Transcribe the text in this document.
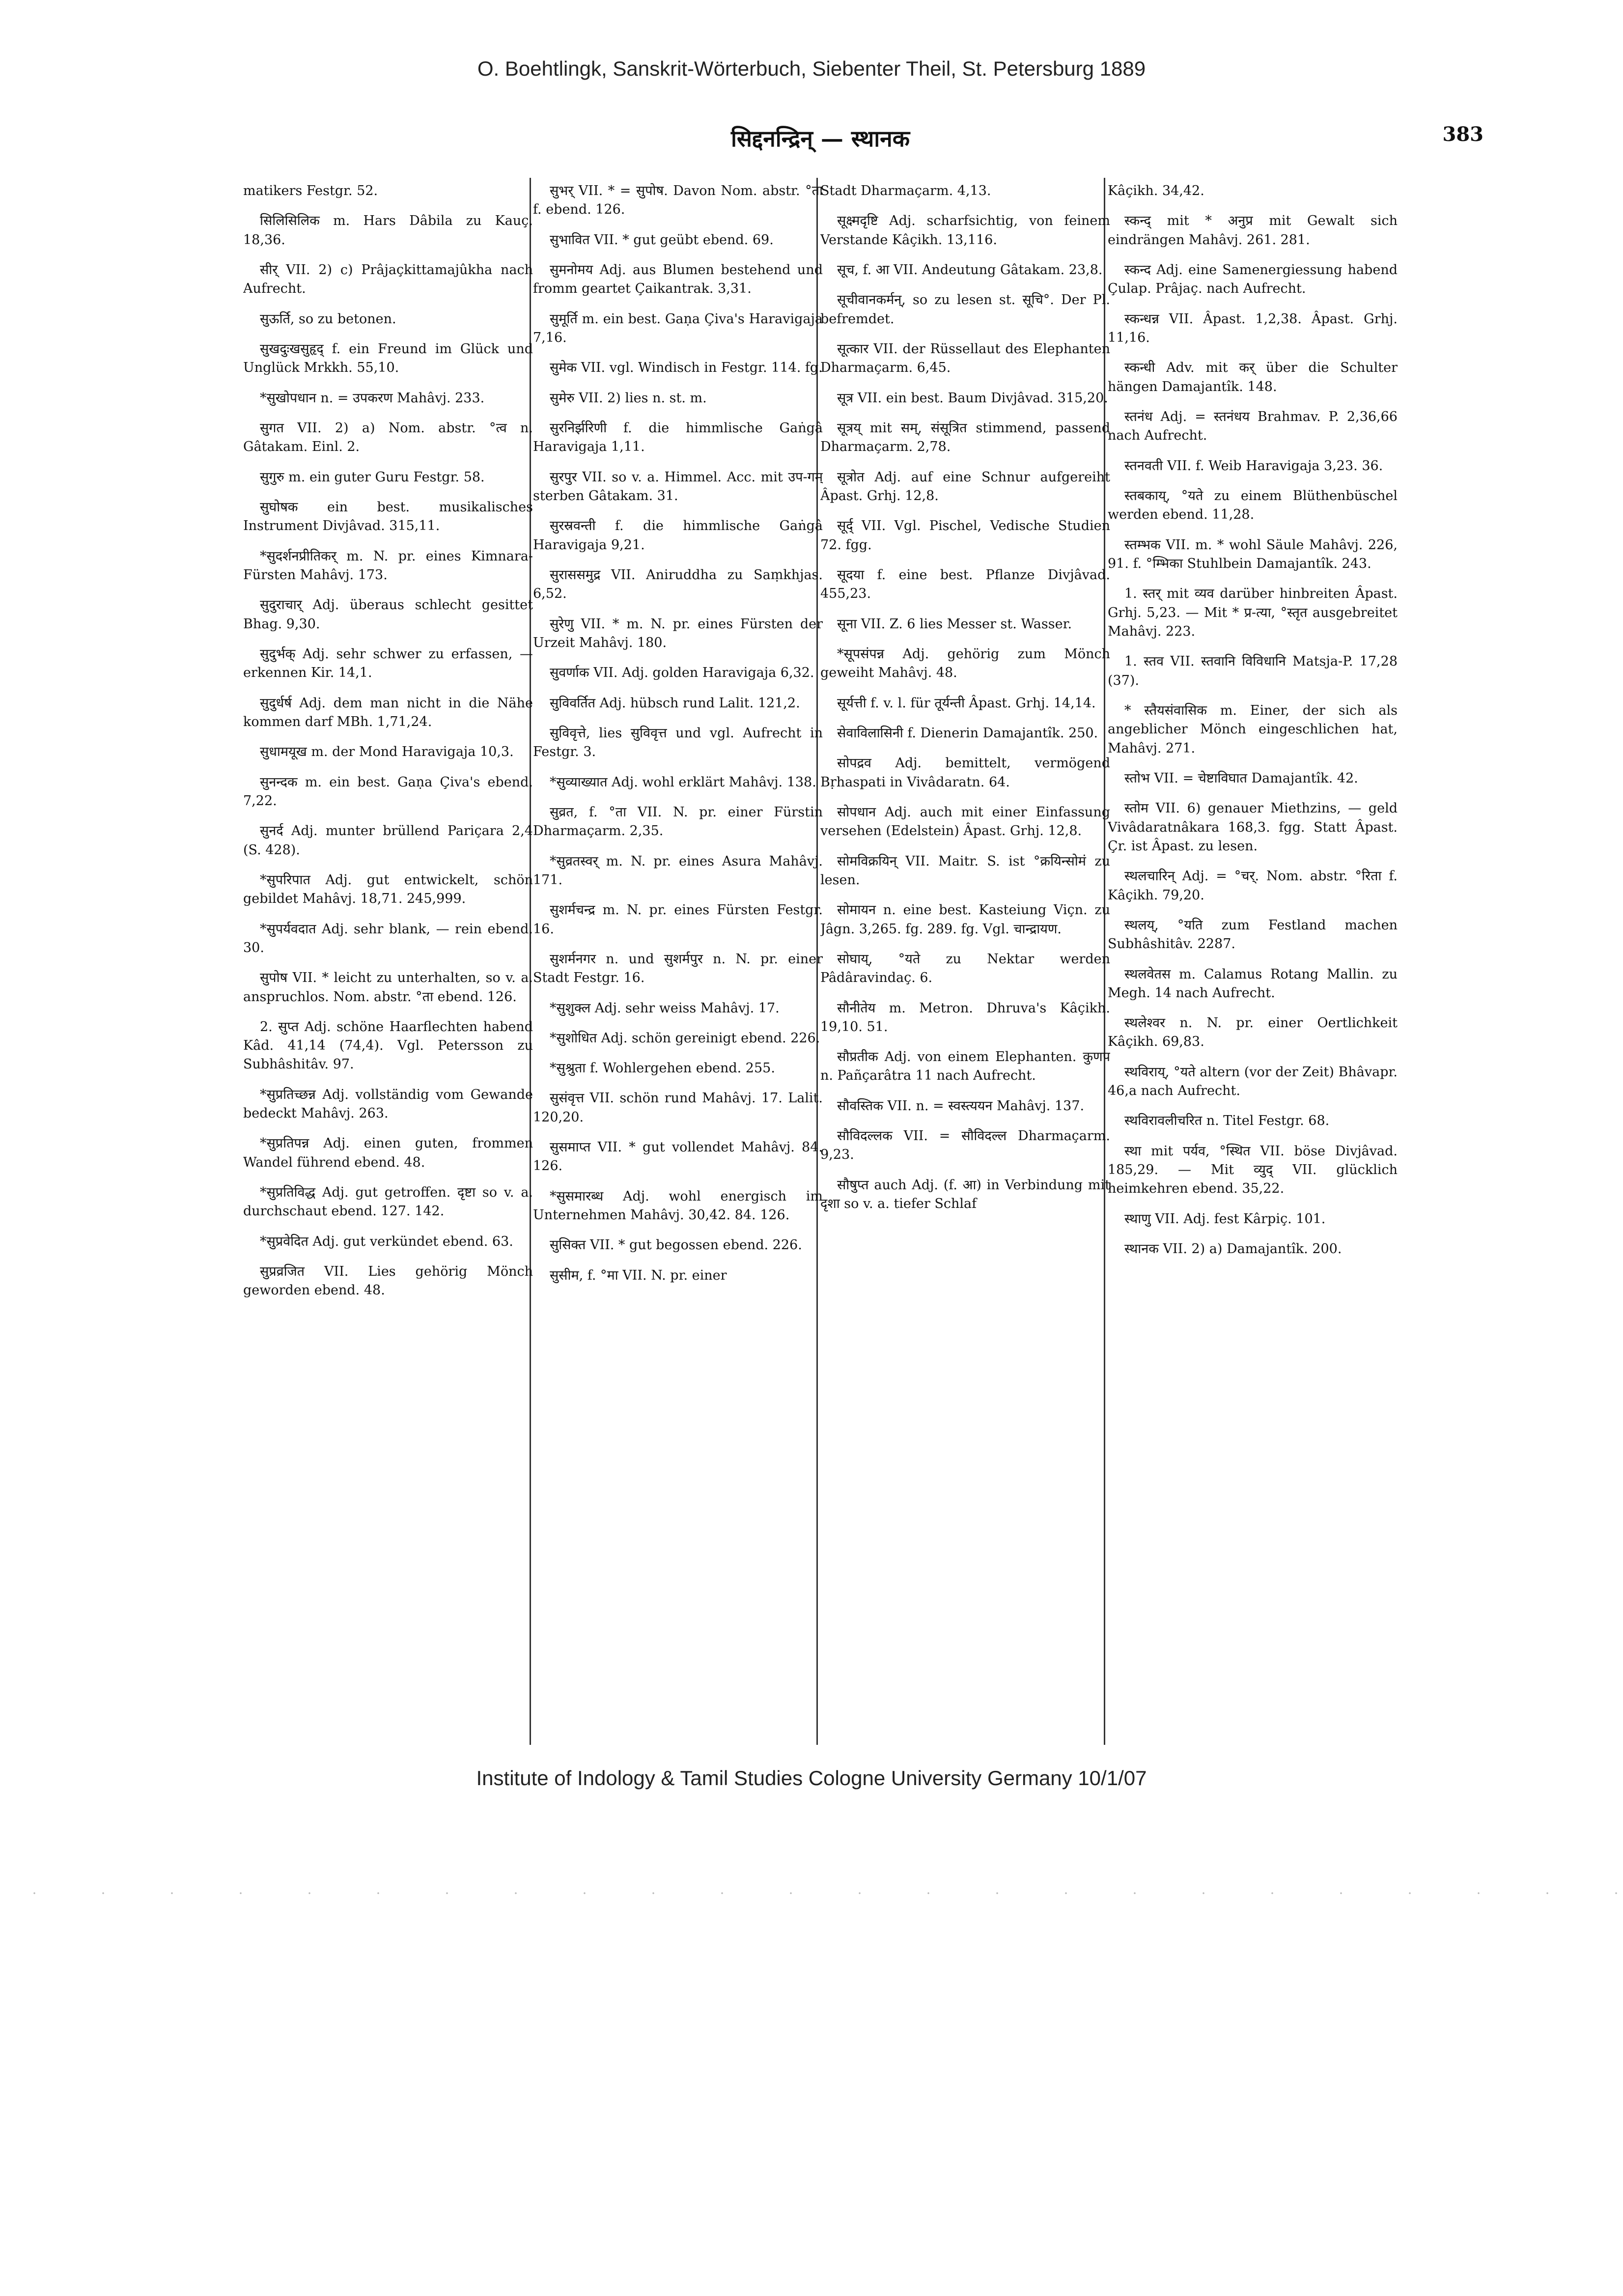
O. Boehtlingk, Sanskrit-Wörterbuch, Siebenter Theil, St. Petersburg 1889
सिद्दनन्द्रिन् — स्थानक	383

matikers Festgr. 52.

सिलिसिलिक m. Hars Dâbila zu Kauç. 18,36.

सीर् VII. 2) c) Prâjaçkittamajûkha nach Aufrecht.

सुऊर्ति, so zu betonen.

सुखदुःखसुहृद् f. ein Freund im Glück und Unglück Mrkkh. 55,10.

*सुखोपधान n. = उपकरण Mahâvj. 233.

सुगत VII. 2) a) Nom. abstr. °त्व n. Gâtakam. Einl. 2.

सुगुरु m. ein guter Guru Festgr. 58.

सुघोषक ein best. musikalisches Instrument Divjâvad. 315,11.

*सुदर्शनप्रीतिकर् m. N. pr. eines Kimnara-Fürsten Mahâvj. 173.

सुदुराचार् Adj. überaus schlecht gesittet Bhag. 9,30.

सुदुर्भक् Adj. sehr schwer zu erfassen, — erkennen Kir. 14,1.

सुदुर्धर्ष Adj. dem man nicht in die Nähe kommen darf MBh. 1,71,24.

सुधामयूख m. der Mond Haravigaja 10,3.

सुनन्दक m. ein best. Gaṇa Çiva's ebend. 7,22.

सुनर्द Adj. munter brüllend Pariçara 2,4 (S. 428).

*सुपरिपात Adj. gut entwickelt, schön gebildet Mahâvj. 18,71. 245,999.

*सुपर्यवदात Adj. sehr blank, — rein ebend. 30.

सुपोष VII. * leicht zu unterhalten, so v. a. anspruchlos. Nom. abstr. °ता ebend. 126.

2. सुप्त Adj. schöne Haarflechten habend Kâd. 41,14 (74,4). Vgl. Petersson zu Subhâshitâv. 97.

*सुप्रतिच्छन्न Adj. vollständig vom Gewande bedeckt Mahâvj. 263.

*सुप्रतिपन्न Adj. einen guten, frommen Wandel führend ebend. 48.

*सुप्रतिविद्ध Adj. gut getroffen. दृष्टा so v. a. durchschaut ebend. 127. 142.

*सुप्रवेदित Adj. gut verkündet ebend. 63.

सुप्रव्रजित VII. Lies gehörig Mönch geworden ebend. 48.

सुभर् VII. * = सुपोष. Davon Nom. abstr. °ता f. ebend. 126.

सुभावित VII. * gut geübt ebend. 69.

सुमनोमय Adj. aus Blumen bestehend und fromm geartet Çaikantrak. 3,31.

सुमूर्ति m. ein best. Gaṇa Çiva's Haravigaja 7,16.

सुमेक VII. vgl. Windisch in Festgr. 114. fg.

सुमेरु VII. 2) lies n. st. m.

सुरनिर्झरिणी f. die himmlische Gaṅgâ Haravigaja 1,11.

सुरपुर VII. so v. a. Himmel. Acc. mit उप-गम् sterben Gâtakam. 31.

सुरस्रवन्ती f. die himmlische Gaṅgâ Haravigaja 9,21.

सुराससमुद्र VII. Aniruddha zu Saṃkhjas. 6,52.

सुरेणु VII. * m. N. pr. eines Fürsten der Urzeit Mahâvj. 180.

सुवर्णाक VII. Adj. golden Haravigaja 6,32.

सुविवर्तित Adj. hübsch rund Lalit. 121,2.

सुविवृत्ते, lies सुविवृत्त und vgl. Aufrecht in Festgr. 3.

*सुव्याख्यात Adj. wohl erklärt Mahâvj. 138.

सुव्रत, f. °ता VII. N. pr. einer Fürstin Dharmaçarm. 2,35.

*सुव्रतस्वर् m. N. pr. eines Asura Mahâvj. 171.

सुशर्मचन्द्र m. N. pr. eines Fürsten Festgr. 16.

सुशर्मनगर n. und सुशर्मपुर n. N. pr. einer Stadt Festgr. 16.

*सुशुक्ल Adj. sehr weiss Mahâvj. 17.

*सुशोधित Adj. schön gereinigt ebend. 226.

*सुश्रुता f. Wohlergehen ebend. 255.

सुसंवृत्त VII. schön rund Mahâvj. 17. Lalit. 120,20.

सुसमाप्त VII. * gut vollendet Mahâvj. 84. 126.

*सुसमारब्ध Adj. wohl energisch im Unternehmen Mahâvj. 30,42. 84. 126.

सुसिक्त VII. * gut begossen ebend. 226.

सुसीम, f. °मा VII. N. pr. einer

Stadt Dharmaçarm. 4,13.

सूक्ष्मदृष्टि Adj. scharfsichtig, von feinem Verstande Kâçikh. 13,116.

सूच, f. आ VII. Andeutung Gâtakam. 23,8.

सूचीवानकर्मन्, so zu lesen st. सूचि°. Der Pl. befremdet.

सूत्कार VII. der Rüssellaut des Elephanten Dharmaçarm. 6,45.

सूत्र VII. ein best. Baum Divjâvad. 315,20.

सूत्रय् mit सम्, संसूत्रित stimmend, passend Dharmaçarm. 2,78.

सूत्रोत Adj. auf eine Schnur aufgereiht Âpast. Grhj. 12,8.

सूर्द् VII. Vgl. Pischel, Vedische Studien 72. fgg.

सूदया f. eine best. Pflanze Divjâvad. 455,23.

सूना VII. Z. 6 lies Messer st. Wasser.

*सूपसंपन्न Adj. gehörig zum Mönch geweiht Mahâvj. 48.

सूर्यत्ती f. v. l. für तूर्यन्ती Âpast. Grhj. 14,14.

सेवाविलासिनी f. Dienerin Damajantîk. 250.

सोपद्रव Adj. bemittelt, vermögend Bṛhaspati in Vivâdaratn. 64.

सोपधान Adj. auch mit einer Einfassung versehen (Edelstein) Âpast. Grhj. 12,8.

सोमविक्रयिन् VII. Maitr. S. ist °क्रयिन्सोमं zu lesen.

सोमायन n. eine best. Kasteiung Viçn. zu Jâgn. 3,265. fg. 289. fg. Vgl. चान्द्रायण.

सोघाय्, °यते zu Nektar werden Pâdâravindaç. 6.

सौनीतेय m. Metron. Dhruva's Kâçikh. 19,10. 51.

सौप्रतीक Adj. von einem Elephanten. कुणप n. Pañçarâtra 11 nach Aufrecht.

सौवस्तिक VII. n. = स्वस्त्ययन Mahâvj. 137.

सौविदल्लक VII. = सौविदल्ल Dharmaçarm. 9,23.

सौषुप्त auch Adj. (f. आ) in Verbindung mit दृशा so v. a. tiefer Schlaf

Kâçikh. 34,42.

स्कन्द् mit * अनुप्र mit Gewalt sich eindrängen Mahâvj. 261. 281.

स्कन्द Adj. eine Samenergiessung habend Çulap. Prâjaç. nach Aufrecht.

स्कन्धन्न VII. Âpast. 1,2,38. Âpast. Grhj. 11,16.

स्कन्धी Adv. mit कर् über die Schulter hängen Damajantîk. 148.

स्तनंध Adj. = स्तनंधय Brahmav. P. 2,36,66 nach Aufrecht.

स्तनवती VII. f. Weib Haravigaja 3,23. 36.

स्तबकाय्, °यते zu einem Blüthenbüschel werden ebend. 11,28.

स्तम्भक VII. m. * wohl Säule Mahâvj. 226, 91. f. °म्भिका Stuhlbein Damajantîk. 243.

1. स्तर् mit व्यव darüber hinbreiten Âpast. Grhj. 5,23. — Mit * प्र-त्या, °स्तृत ausgebreitet Mahâvj. 223.

1. स्तव VII. स्तवानि विविधानि Matsja-P. 17,28 (37).

* स्तैयसंवासिक m. Einer, der sich als angeblicher Mönch eingeschlichen hat, Mahâvj. 271.

स्तोभ VII. = चेष्टाविघात Damajantîk. 42.

स्तोम VII. 6) genauer Miethzins, — geld Vivâdaratnâkara 168,3. fgg. Statt Âpast. Çr. ist Âpast. zu lesen.

स्थलचारिन् Adj. = °चर्. Nom. abstr. °रिता f. Kâçikh. 79,20.

स्थलय्, °यति zum Festland machen Subhâshitâv. 2287.

स्थलवेतस m. Calamus Rotang Mallin. zu Megh. 14 nach Aufrecht.

स्थलेश्वर n. N. pr. einer Oertlichkeit Kâçikh. 69,83.

स्थविराय्, °यते altern (vor der Zeit) Bhâvapr. 46,a nach Aufrecht.

स्थविरावलीचरित n. Titel Festgr. 68.

स्था mit पर्यव, °स्थित VII. böse Divjâvad. 185,29. — Mit व्युद् VII. glücklich heimkehren ebend. 35,22.

स्थाणु VII. Adj. fest Kârpiç. 101.

स्थानक VII. 2) a) Damajantîk. 200.

Institute of Indology & Tamil Studies Cologne University Germany 10/1/07
